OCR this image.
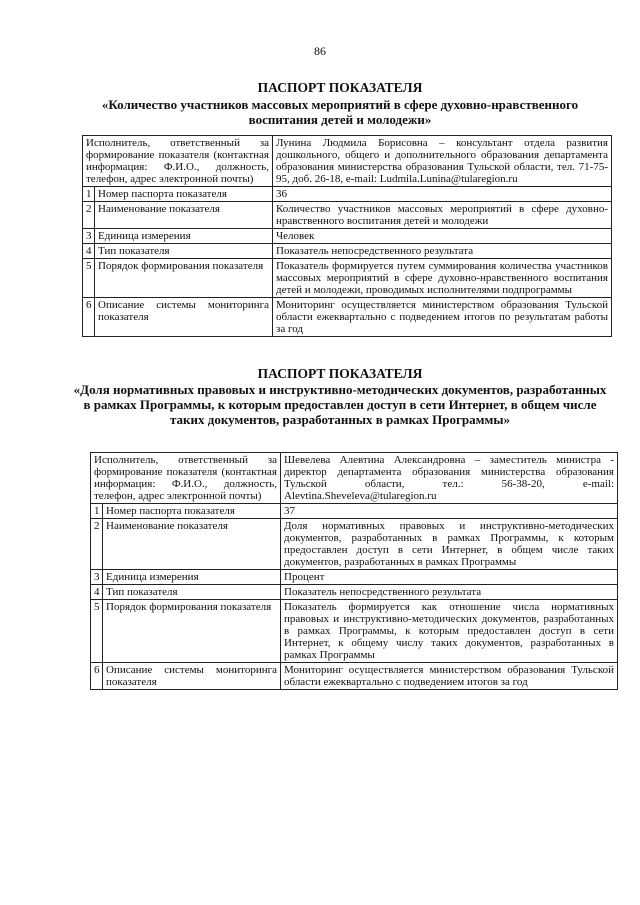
86
ПАСПОРТ ПОКАЗАТЕЛЯ
«Количество участников массовых мероприятий в сфере духовно-нравственного воспитания детей и молодежи»
Исполнитель, ответственный за формирование показателя (контактная информация: Ф.И.О., должность, телефон, адрес электронной почты)		Лунина Людмила Борисовна – консультант отдела развития дошкольного, общего и дополнительного образования департамента образования министерства образования Тульской области, тел. 71-75-95, доб. 26-18, e-mail: Ludmila.Lunina@tularegion.ru
1	Номер паспорта показателя	36
2	Наименование показателя	Количество участников массовых мероприятий в сфере духовно-нравственного воспитания детей и молодежи
3	Единица измерения	Человек
4	Тип показателя	Показатель непосредственного результата
5	Порядок формирования показателя	Показатель формируется путем суммирования количества участников массовых мероприятий в сфере духовно-нравственного воспитания детей и молодежи, проводимых исполнителями подпрограммы
6	Описание системы мониторинга показателя	Мониторинг осуществляется министерством образования Тульской области ежеквартально с подведением итогов по результатам работы за год
ПАСПОРТ ПОКАЗАТЕЛЯ
«Доля нормативных правовых и инструктивно-методических документов, разработанных в рамках Программы, к которым предоставлен доступ в сети Интернет, в общем числе таких документов, разработанных в рамках Программы»
Исполнитель, ответственный за формирование показателя (контактная информация: Ф.И.О., должность, телефон, адрес электронной почты)		Шевелева Алевтина Александровна – заместитель министра - директор департамента образования министерства образования Тульской области, тел.: 56-38-20, e-mail: Alevtina.Sheveleva@tularegion.ru
1	Номер паспорта показателя	37
2	Наименование показателя	Доля нормативных правовых и инструктивно-методических документов, разработанных в рамках Программы, к которым предоставлен доступ в сети Интернет, в общем числе таких документов, разработанных в рамках Программы
3	Единица измерения	Процент
4	Тип показателя	Показатель непосредственного результата
5	Порядок формирования показателя	Показатель формируется как отношение числа нормативных правовых и инструктивно-методических документов, разработанных в рамках Программы, к которым предоставлен доступ в сети Интернет, к общему числу таких документов, разработанных в рамках Программы
6	Описание системы мониторинга показателя	Мониторинг осуществляется министерством образования Тульской области ежеквартально с подведением итогов за год
